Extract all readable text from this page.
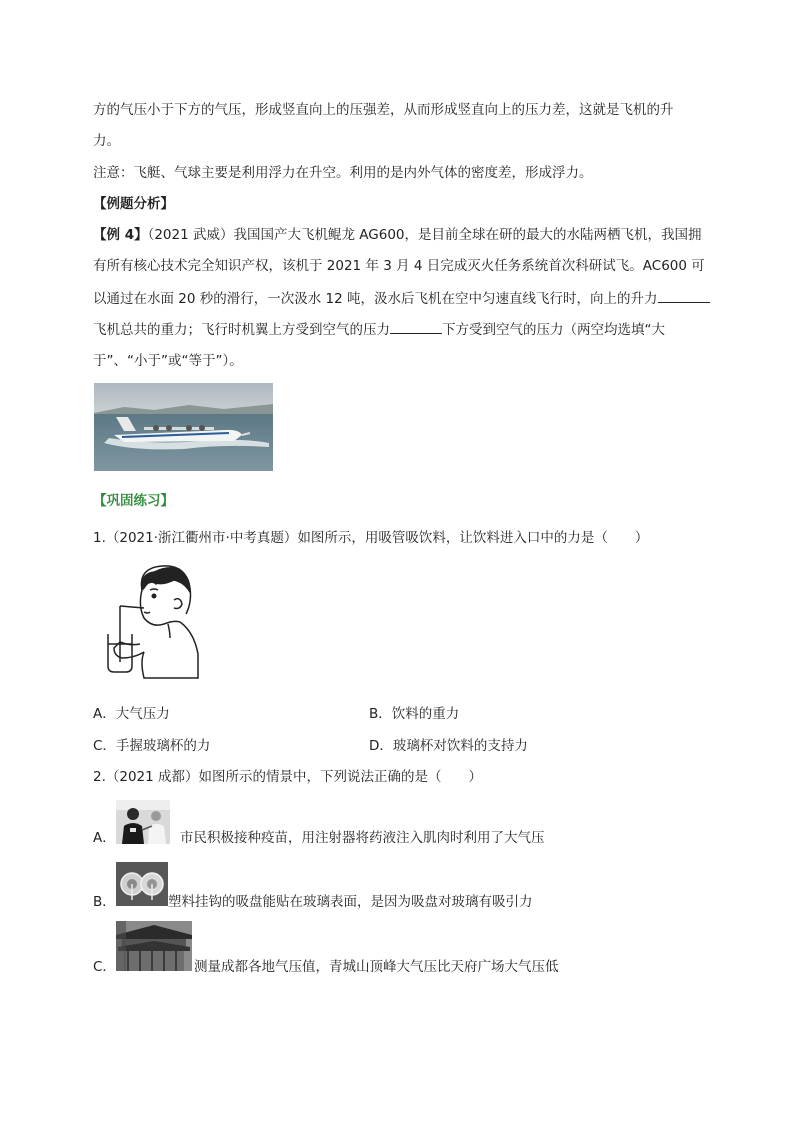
方的气压小于下方的气压，形成竖直向上的压强差，从而形成竖直向上的压力差，这就是飞机的升
力。
注意：飞艇、气球主要是利用浮力在升空。利用的是内外气体的密度差，形成浮力。
【例题分析】
【例 4】（2021 武威）我国国产大飞机鲲龙 AG600，是目前全球在研的最大的水陆两栖飞机，我国拥
有所有核心技术完全知识产权，该机于 2021 年 3 月 4 日完成灭火任务系统首次科研试飞。AC600 可
以通过在水面 20 秒的滑行，一次汲水 12 吨，汲水后飞机在空中匀速直线飞行时，向上的升力
飞机总共的重力；飞行时机翼上方受到空气的压力	下方受到空气的压力（两空均选填“大
于”、“小于”或“等于”）。
【巩固练习】
1.（2021·浙江衢州市·中考真题）如图所示，用吸管吸饮料，让饮料进入口中的力是（　　）
A．大气压力	B．饮料的重力
C．手握玻璃杯的力	D．玻璃杯对饮料的支持力
2.（2021 成都）如图所示的情景中，下列说法正确的是（　　）
A．	市民积极接种疫苗，用注射器将药液注入肌肉时利用了大气压
B．	塑料挂钩的吸盘能贴在玻璃表面，是因为吸盘对玻璃有吸引力
C．	测量成都各地气压值，青城山顶峰大气压比天府广场大气压低
